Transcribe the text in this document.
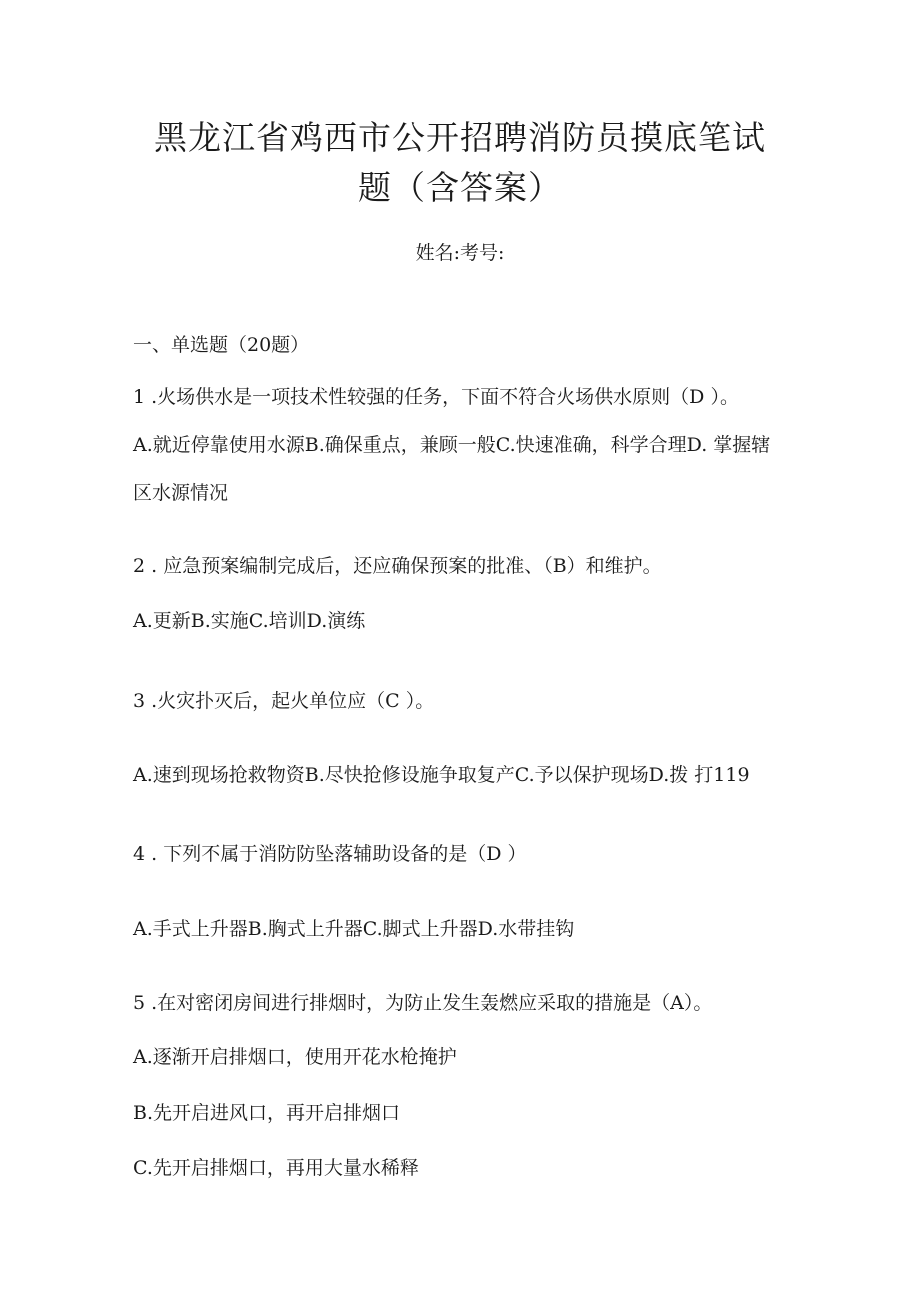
黑龙江省鸡西市公开招聘消防员摸底笔试
题（含答案）
姓名:考号:

一、单选题（20题）

1 .火场供水是一项技术性较强的任务，下面不符合火场供水原则（D ）。

A.就近停靠使用水源B.确保重点，兼顾一般C.快速准确，科学合理D. 掌握辖

区水源情况

2 . 应急预案编制完成后，还应确保预案的批准、（B）和维护。

A.更新B.实施C.培训D.演练

3 .火灾扑灭后，起火单位应（C ）。

A.速到现场抢救物资B.尽快抢修设施争取复产C.予以保护现场D.拨 打119

4 . 下列不属于消防防坠落辅助设备的是（D ）

A.手式上升器B.胸式上升器C.脚式上升器D.水带挂钩

5 .在对密闭房间进行排烟时，为防止发生轰燃应采取的措施是（A）。

A.逐渐开启排烟口，使用开花水枪掩护

B.先开启进风口，再开启排烟口

C.先开启排烟口，再用大量水稀释
